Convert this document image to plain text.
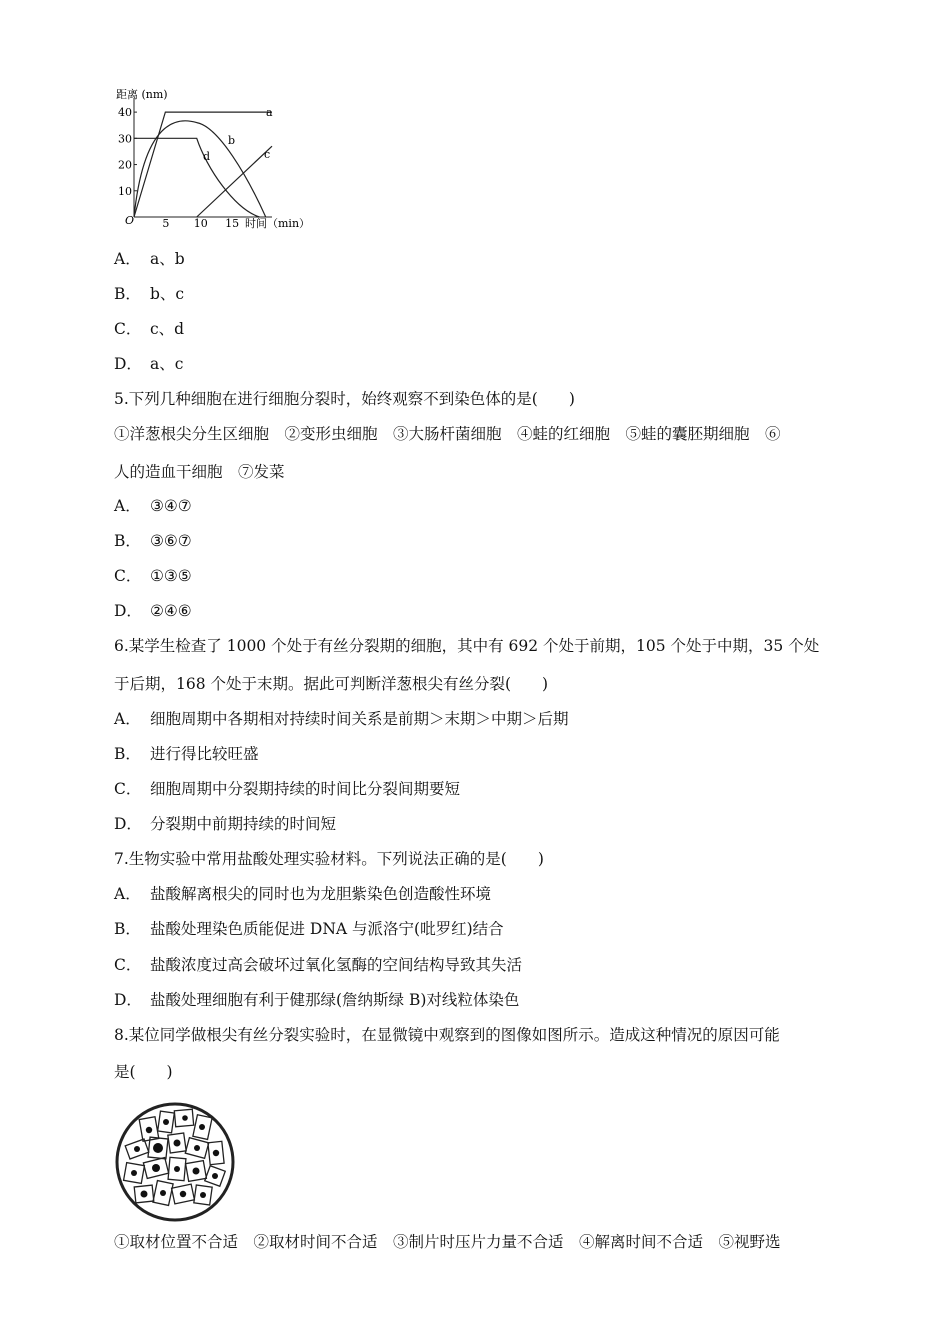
距离 (nm)
时间（min）
O	5 10 15
10
20
30
40	a
b
c
d
A． a、b
B． b、c
C． c、d
D． a、c
5.下列几种细胞在进行细胞分裂时，始终观察不到染色体的是(　　)
①洋葱根尖分生区细胞　②变形虫细胞　③大肠杆菌细胞　④蛙的红细胞　⑤蛙的囊胚期细胞　⑥
人的造血干细胞　⑦发菜
A． ③④⑦
B． ③⑥⑦
C． ①③⑤
D． ②④⑥
6.某学生检查了 1000 个处于有丝分裂期的细胞，其中有 692 个处于前期，105 个处于中期，35 个处
于后期，168 个处于末期。据此可判断洋葱根尖有丝分裂(　　)
A． 细胞周期中各期相对持续时间关系是前期＞末期＞中期＞后期
B． 进行得比较旺盛
C． 细胞周期中分裂期持续的时间比分裂间期要短
D． 分裂期中前期持续的时间短
7.生物实验中常用盐酸处理实验材料。下列说法正确的是(　　)
A． 盐酸解离根尖的同时也为龙胆紫染色创造酸性环境
B． 盐酸处理染色质能促进 DNA 与派洛宁(吡罗红)结合
C． 盐酸浓度过高会破坏过氧化氢酶的空间结构导致其失活
D． 盐酸处理细胞有利于健那绿(詹纳斯绿 B)对线粒体染色
8.某位同学做根尖有丝分裂实验时，在显微镜中观察到的图像如图所示。造成这种情况的原因可能
是(　　)
①取材位置不合适　②取材时间不合适　③制片时压片力量不合适　④解离时间不合适　⑤视野选
